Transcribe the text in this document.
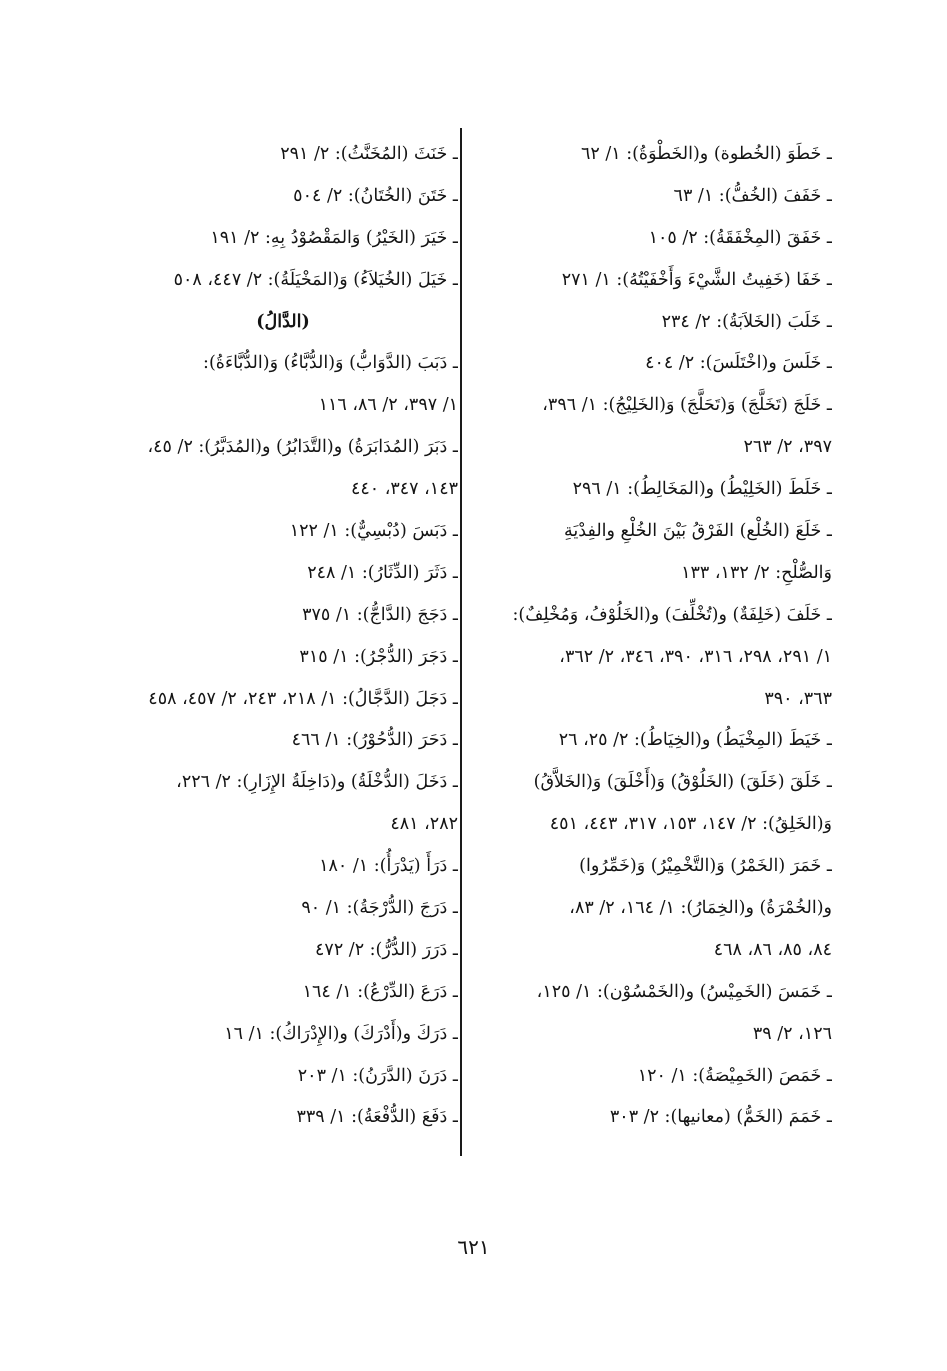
ـ خَطَوَ (الخُطوة) و(الخَطْوَةُ): ١/ ٦٢
ـ خَفَفَ (الخُفُّ): ١/ ٦٣
ـ خَفَقَ (المِخْفَقَةُ): ٢/ ١٠٥
ـ خَفَا (خَفِيتُ الشَّيْءَ وَأَخْفَيْتُهُ): ١/ ٢٧١
ـ خَلَبَ (الخَلاَبَةُ): ٢/ ٢٣٤
ـ خَلَسَ و(اخْتَلَسَ): ٢/ ٤٠٤
ـ خَلَجَ (تَخَلَّجَ) وَ(تَحَلَّجَ) وَ(الخَلِيْجُ): ١/ ٣٩٦،
٣٩٧، ٢/ ٢٦٣
ـ خَلَطَ (الخَلِيْطُ) و(المَخَالِطُ): ١/ ٢٩٦
ـ خَلَعَ (الخُلْع) الفَرْقُ بَيْنَ الخُلْعِ والفِدْيَةِ
وَالصُّلْحِ: ٢/ ١٣٢، ١٣٣
ـ خَلَفَ (خَلِفَةٌ) و(تُخْلِّفَ) و(الخَلُوْفُ، وَمُخْلِفٌ):
١/ ٢٩١، ٢٩٨، ٣١٦، ٣٩٠، ٣٤٦، ٢/ ٣٦٢،
٣٦٣، ٣٩٠
ـ خَيَطَ (المِخْيَطُ) و(الخِيَاطُ): ٢/ ٢٥، ٢٦
ـ خَلَقَ (خَلَقَ) (الخَلُوْقُ) وَ(أَخْلَقَ) وَ(الخَلاَّقُ)
وَ(الخَلِقُ): ٢/ ١٤٧، ١٥٣، ٣١٧، ٤٤٣، ٤٥١
ـ خَمَرَ (الخَمْرُ) وَ(التَّخْمِيْرُ) وَ(خَمِّرُوا)
و(الخُمْرَةُ) و(الخِمَارُ): ١/ ١٦٤، ٢/ ٨٣،
٨٤، ٨٥، ٨٦، ٤٦٨
ـ خَمَسَ (الخَمِيْسُ) و(الخَمْسُوْن): ١/ ١٢٥،
١٢٦، ٢/ ٣٩
ـ خَمَصَ (الخَمِيْصَةُ): ١/ ١٢٠
ـ خَمَمَ (الخَمُّ) (معانيها): ٢/ ٣٠٣
ـ خَنَثَ (المُخَنَّثُ): ٢/ ٢٩١
ـ خَتَنَ (الخُتَانُ): ٢/ ٥٠٤
ـ خَيَرَ (الخَيْرُ) وَالمَقْصُوْدُ بِهِ: ٢/ ١٩١
ـ خَيَلَ (الخُيَلاَءُ) وَ(المَخْيَلَةُ): ٢/ ٤٤٧، ٥٠٨
(الدَّالُ)
ـ دَبَبَ (الدَّوَابُّ) وَ(الدُّبَّاءُ) وَ(الدُّبَّاءَةُ):
١/ ٣٩٧، ٢/ ٨٦، ١١٦
ـ دَبَرَ (المُدَابَرَةُ) و(التَّدَابُرُ) و(المُدَبَّرُ): ٢/ ٤٥،
١٤٣، ٣٤٧، ٤٤٠
ـ دَبَسَ (دُبْسِيٌّ): ١/ ١٢٢
ـ دَثَرَ (الدِّثَارُ): ١/ ٢٤٨
ـ دَجَجَ (الدَّاجُّ): ١/ ٣٧٥
ـ دَجَرَ (الدُّجْرُ): ١/ ٣١٥
ـ دَجَلَ (الدَّجَّالُ): ١/ ٢١٨، ٢٤٣، ٢/ ٤٥٧، ٤٥٨
ـ دَحَرَ (الدُّحُوْرُ): ١/ ٤٦٦
ـ دَخَلَ (الدُّخْلَةُ) و(دَاخِلَةُ الإِزَارِ): ٢/ ٢٢٦،
٢٨٢، ٤٨١
ـ دَرَأَ (يَدْرَأُ): ١/ ١٨٠
ـ دَرَجَ (الدُّرْجَةُ): ١/ ٩٠
ـ دَرَرَ (الدُّرُّ): ٢/ ٤٧٢
ـ دَرَعَ (الدِّرْعُ): ١/ ١٦٤
ـ دَرَكَ و(أَدْرَكَ) و(الإِدْرَاكُ): ١/ ١٦
ـ دَرَنَ (الدَّرَنُ): ١/ ٢٠٣
ـ دَفَعَ (الدُّفْعَةُ): ١/ ٣٣٩
٦٢١
